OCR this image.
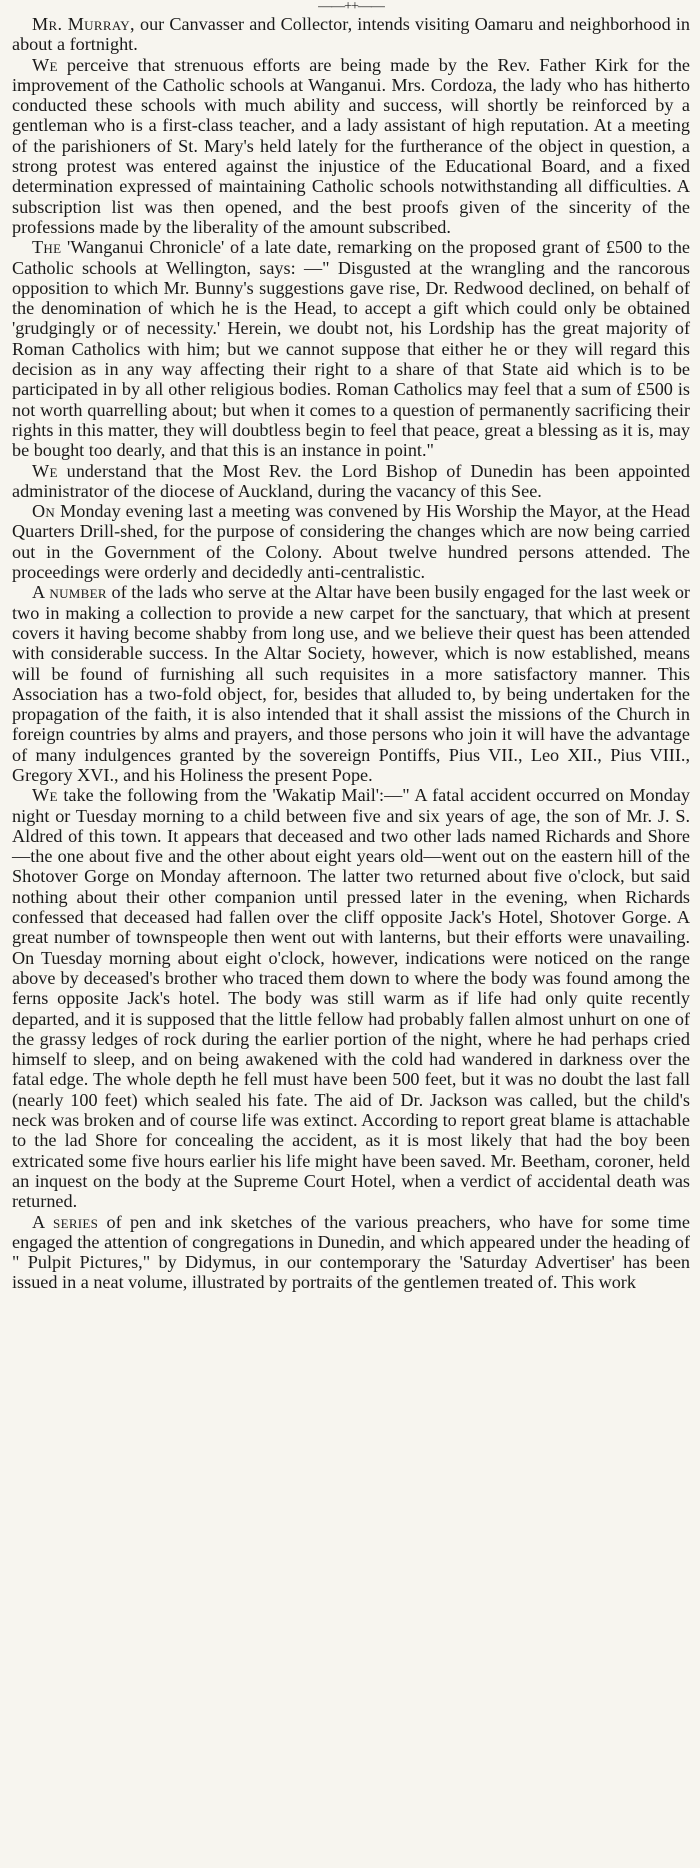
——++——

Mr. Murray, our Canvasser and Collector, intends visiting Oamaru and neighborhood in about a fortnight.

We perceive that strenuous efforts are being made by the Rev. Father Kirk for the improvement of the Catholic schools at Wanganui. Mrs. Cordoza, the lady who has hitherto conducted these schools with much ability and success, will shortly be reinforced by a gentleman who is a first-class teacher, and a lady assistant of high reputation. At a meeting of the parishioners of St. Mary's held lately for the furtherance of the object in question, a strong protest was entered against the injustice of the Educational Board, and a fixed determination expressed of maintaining Catholic schools notwithstanding all difficulties. A subscription list was then opened, and the best proofs given of the sincerity of the professions made by the liberality of the amount subscribed.

The 'Wanganui Chronicle' of a late date, remarking on the proposed grant of £500 to the Catholic schools at Wellington, says: —" Disgusted at the wrangling and the rancorous opposition to which Mr. Bunny's suggestions gave rise, Dr. Redwood declined, on behalf of the denomination of which he is the Head, to accept a gift which could only be obtained 'grudgingly or of necessity.' Herein, we doubt not, his Lordship has the great majority of Roman Catholics with him; but we cannot suppose that either he or they will regard this decision as in any way affecting their right to a share of that State aid which is to be participated in by all other religious bodies. Roman Catholics may feel that a sum of £500 is not worth quarrelling about; but when it comes to a question of permanently sacrificing their rights in this matter, they will doubtless begin to feel that peace, great a blessing as it is, may be bought too dearly, and that this is an instance in point."

We understand that the Most Rev. the Lord Bishop of Dunedin has been appointed administrator of the diocese of Auckland, during the vacancy of this See.

On Monday evening last a meeting was convened by His Worship the Mayor, at the Head Quarters Drill-shed, for the purpose of considering the changes which are now being carried out in the Government of the Colony. About twelve hundred persons attended. The proceedings were orderly and decidedly anti-centralistic.

A number of the lads who serve at the Altar have been busily engaged for the last week or two in making a collection to provide a new carpet for the sanctuary, that which at present covers it having become shabby from long use, and we believe their quest has been attended with considerable success. In the Altar Society, however, which is now established, means will be found of furnishing all such requisites in a more satisfactory manner. This Association has a two-fold object, for, besides that alluded to, by being undertaken for the propagation of the faith, it is also intended that it shall assist the missions of the Church in foreign countries by alms and prayers, and those persons who join it will have the advantage of many indulgences granted by the sovereign Pontiffs, Pius VII., Leo XII., Pius VIII., Gregory XVI., and his Holiness the present Pope.

We take the following from the 'Wakatip Mail':—" A fatal accident occurred on Monday night or Tuesday morning to a child between five and six years of age, the son of Mr. J. S. Aldred of this town. It appears that deceased and two other lads named Richards and Shore—the one about five and the other about eight years old—went out on the eastern hill of the Shotover Gorge on Monday afternoon. The latter two returned about five o'clock, but said nothing about their other companion until pressed later in the evening, when Richards confessed that deceased had fallen over the cliff opposite Jack's Hotel, Shotover Gorge. A great number of townspeople then went out with lanterns, but their efforts were unavailing. On Tuesday morning about eight o'clock, however, indications were noticed on the range above by deceased's brother who traced them down to where the body was found among the ferns opposite Jack's hotel. The body was still warm as if life had only quite recently departed, and it is supposed that the little fellow had probably fallen almost unhurt on one of the grassy ledges of rock during the earlier portion of the night, where he had perhaps cried himself to sleep, and on being awakened with the cold had wandered in darkness over the fatal edge. The whole depth he fell must have been 500 feet, but it was no doubt the last fall (nearly 100 feet) which sealed his fate. The aid of Dr. Jackson was called, but the child's neck was broken and of course life was extinct. According to report great blame is attachable to the lad Shore for concealing the accident, as it is most likely that had the boy been extricated some five hours earlier his life might have been saved. Mr. Beetham, coroner, held an inquest on the body at the Supreme Court Hotel, when a verdict of accidental death was returned.

A series of pen and ink sketches of the various preachers, who have for some time engaged the attention of congregations in Dunedin, and which appeared under the heading of " Pulpit Pictures," by Didymus, in our contemporary the 'Saturday Advertiser' has been issued in a neat volume, illustrated by portraits of the gentlemen treated of. This work
